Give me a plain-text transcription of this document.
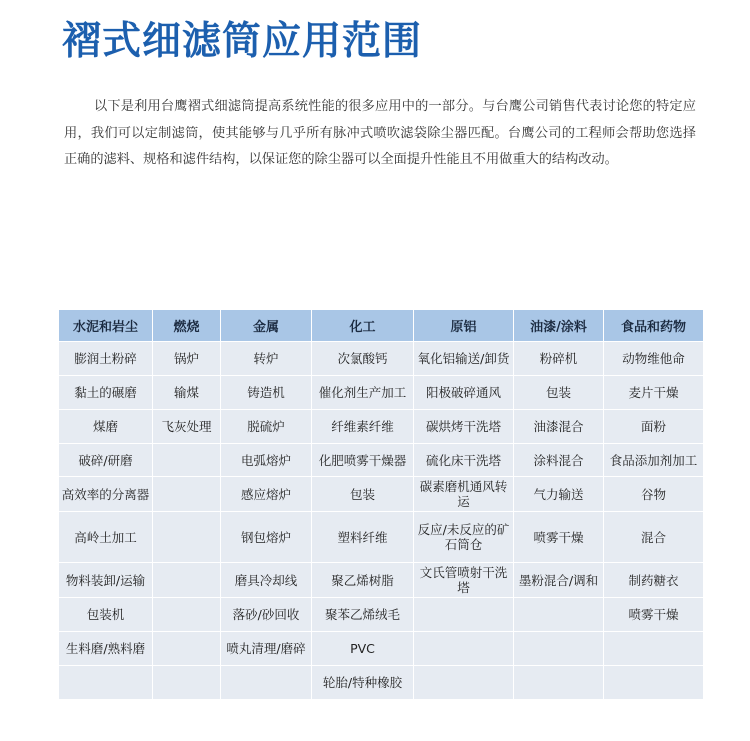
褶式细滤筒应用范围

以下是利用台鹰褶式细滤筒提高系统性能的很多应用中的一部分。与台鹰公司销售代表讨论您的特定应用，我们可以定制滤筒，使其能够与几乎所有脉冲式喷吹滤袋除尘器匹配。台鹰公司的工程师会帮助您选择正确的滤料、规格和滤件结构，以保证您的除尘器可以全面提升性能且不用做重大的结构改动。

水泥和岩尘	燃烧	金属	化工	原铝	油漆/涂料	食品和药物
膨润土粉碎	锅炉	转炉	次氯酸钙	氧化铝输送/卸货	粉碎机	动物维他命
黏土的碾磨	输煤	铸造机	催化剂生产加工	阳极破碎通风	包装	麦片干燥
煤磨	飞灰处理	脱硫炉	纤维素纤维	碳烘烤干洗塔	油漆混合	面粉
破碎/研磨		电弧熔炉	化肥喷雾干燥器	硫化床干洗塔	涂料混合	食品添加剂加工
高效率的分离器		感应熔炉	包装	碳素磨机通风转运	气力输送	谷物
高岭土加工		钢包熔炉	塑料纤维	反应/未反应的矿石筒仓	喷雾干燥	混合
物料装卸/运输		磨具冷却线	聚乙烯树脂	文氏管喷射干洗塔	墨粉混合/调和	制药糖衣
包装机		落砂/砂回收	聚苯乙烯绒毛			喷雾干燥
生料磨/熟料磨		喷丸清理/磨碎	PVC			
			轮胎/特种橡胶			
